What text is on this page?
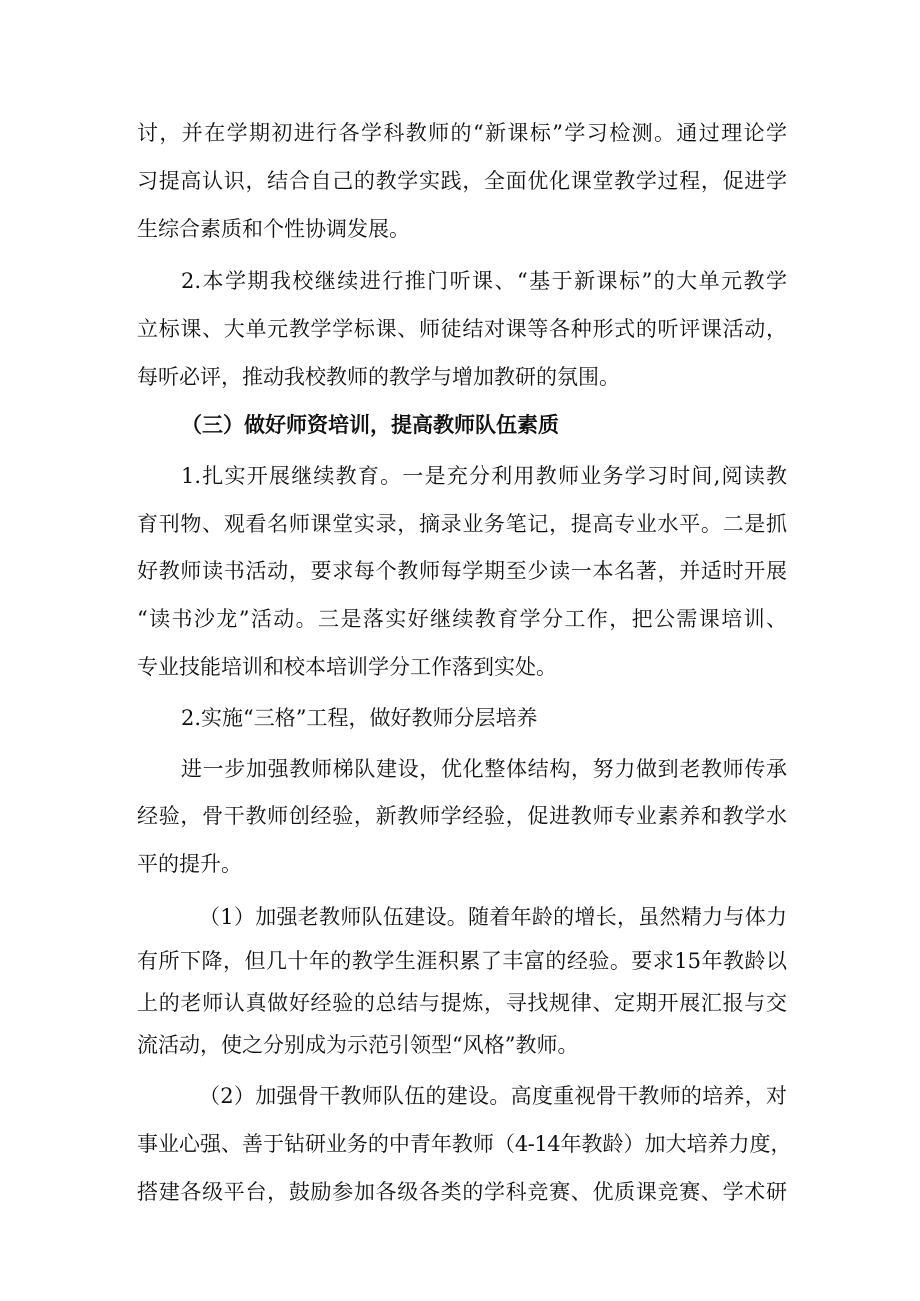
讨，并在学期初进行各学科教师的“新课标”学习检测。通过理论学
习提高认识，结合自己的教学实践，全面优化课堂教学过程，促进学
生综合素质和个性协调发展。
2.本学期我校继续进行推门听课、“基于新课标”的大单元教学
立标课、大单元教学学标课、师徒结对课等各种形式的听评课活动，
每听必评，推动我校教师的教学与增加教研的氛围。
（三）做好师资培训，提高教师队伍素质
1.扎实开展继续教育。一是充分利用教师业务学习时间,阅读教
育刊物、观看名师课堂实录，摘录业务笔记，提高专业水平。二是抓
好教师读书活动，要求每个教师每学期至少读一本名著，并适时开展
“读书沙龙”活动。三是落实好继续教育学分工作，把公需课培训、
专业技能培训和校本培训学分工作落到实处。
2.实施“三格”工程，做好教师分层培养
进一步加强教师梯队建设，优化整体结构，努力做到老教师传承
经验，骨干教师创经验，新教师学经验，促进教师专业素养和教学水
平的提升。
（1）加强老教师队伍建设。随着年龄的增长，虽然精力与体力
有所下降，但几十年的教学生涯积累了丰富的经验。要求15年教龄以
上的老师认真做好经验的总结与提炼，寻找规律、定期开展汇报与交
流活动，使之分别成为示范引领型“风格”教师。
（2）加强骨干教师队伍的建设。高度重视骨干教师的培养，对
事业心强、善于钻研业务的中青年教师（4-14年教龄）加大培养力度，
搭建各级平台，鼓励参加各级各类的学科竞赛、优质课竞赛、学术研
